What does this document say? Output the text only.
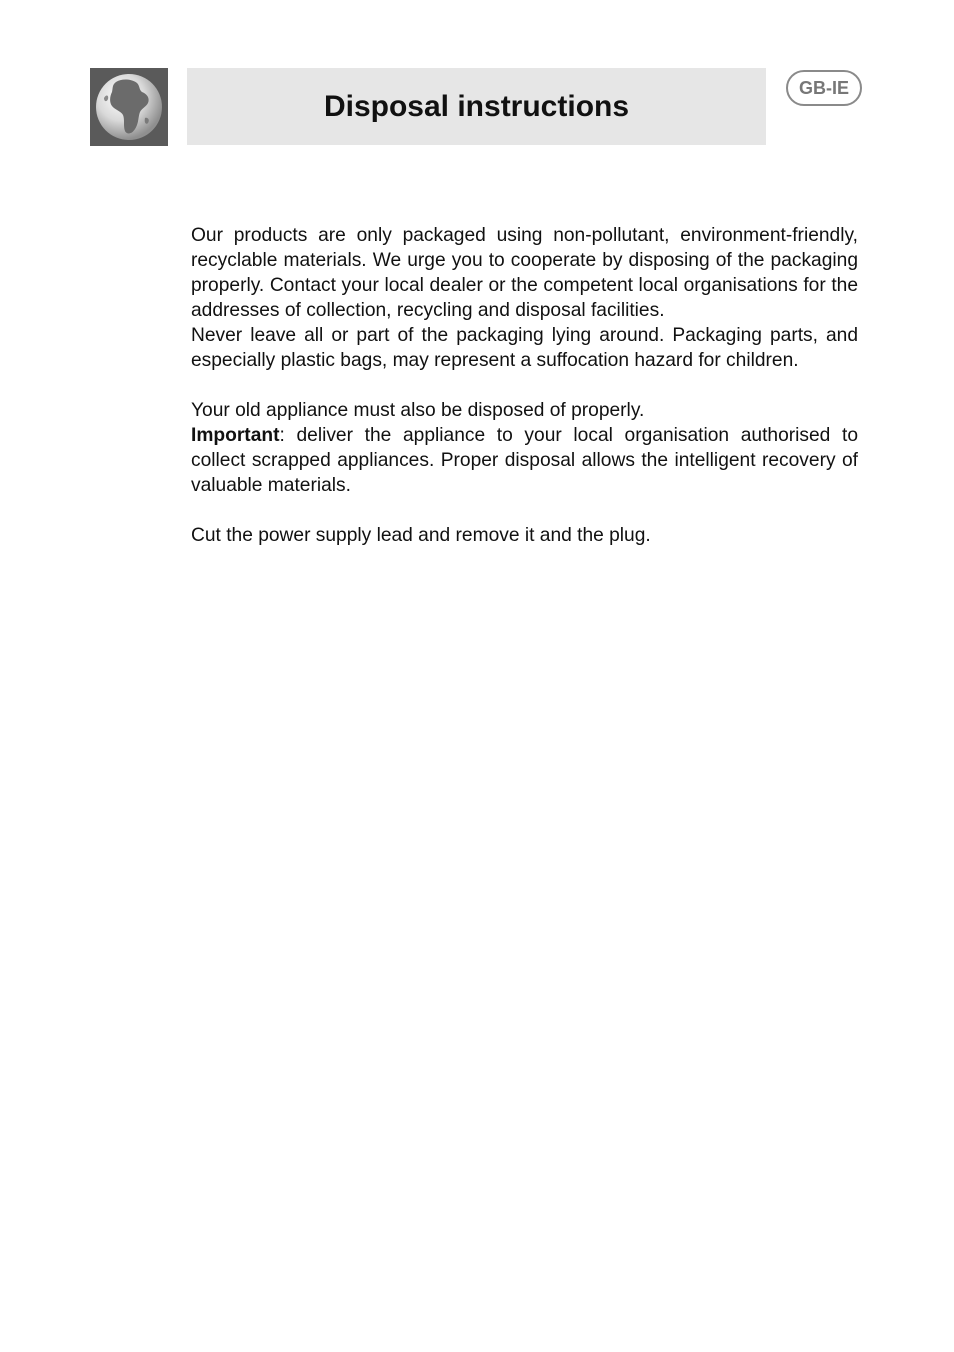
Disposal instructions
GB-IE

Our products are only packaged using non-pollutant, environment-friendly, recyclable materials. We urge you to cooperate by disposing of the packaging properly. Contact your local dealer or the competent local organisations for the addresses of collection, recycling and disposal facilities.

Never leave all or part of the packaging lying around. Packaging parts, and especially plastic bags, may represent a suffocation hazard for children.

Your old appliance must also be disposed of properly.

Important: deliver the appliance to your local organisation authorised to collect scrapped appliances. Proper disposal allows the intelligent recovery of valuable materials.

Cut the power supply lead and remove it and the plug.
